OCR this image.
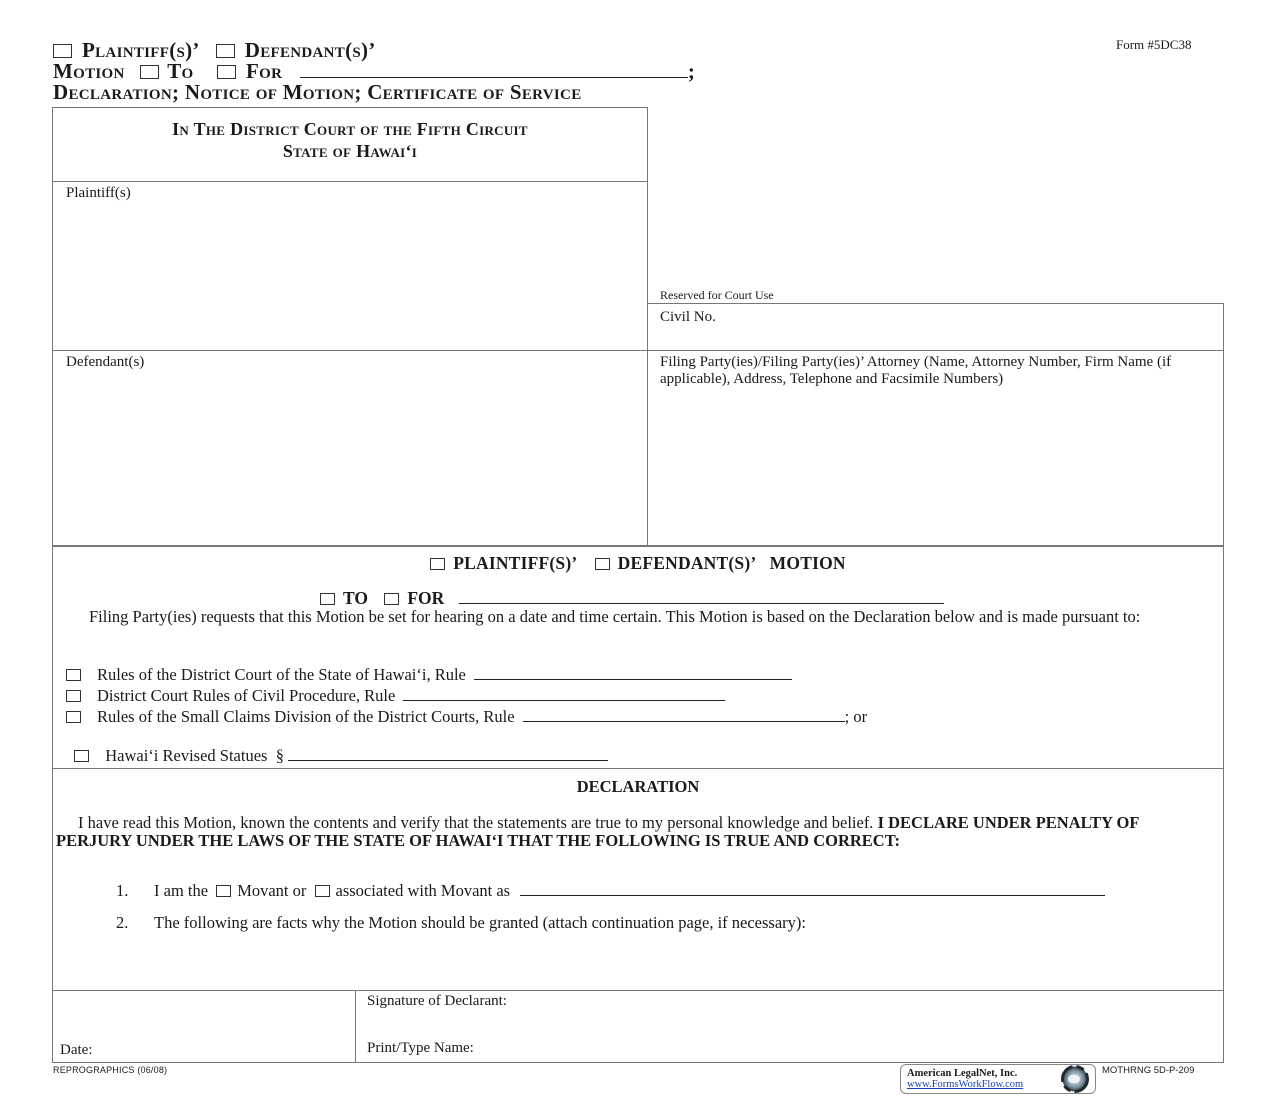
Plaintiff(s)’ Defendant(s)’
Motion To	For	;
Declaration; Notice of Motion; Certificate of Service
Form #5DC38
In The District Court of the Fifth Circuit
State of Hawai‘i
Plaintiff(s)
Defendant(s)
Reserved for Court Use
Civil No.
Filing Party(ies)/Filing Party(ies)’ Attorney (Name, Attorney Number, Firm Name (if applicable), Address, Telephone and Facsimile Numbers)
PLAINTIFF(S)’ DEFENDANT(S)’ MOTION
TO FOR
Filing Party(ies) requests that this Motion be set for hearing on a date and time certain. This Motion is based on the Declaration below and is made pursuant to:
Rules of the District Court of the State of Hawai‘i, Rule
District Court Rules of Civil Procedure, Rule
Rules of the Small Claims Division of the District Courts, Rule	; or

Hawai‘i Revised Statues  §

DECLARATION
I have read this Motion, known the contents and verify that the statements are true to my personal knowledge and belief. I DECLARE UNDER PENALTY OF PERJURY UNDER THE LAWS OF THE STATE OF HAWAI‘I THAT THE FOLLOWING IS TRUE AND CORRECT:
1. I am the Movant or associated with Movant as
2. The following are facts why the Motion should be granted (attach continuation page, if necessary):
Date:
Signature of Declarant:
Print/Type Name:
REPROGRAPHICS (06/08)	American LegalNet, Inc.
www.FormsWorkFlow.com
MOTHRNG 5D-P-209
